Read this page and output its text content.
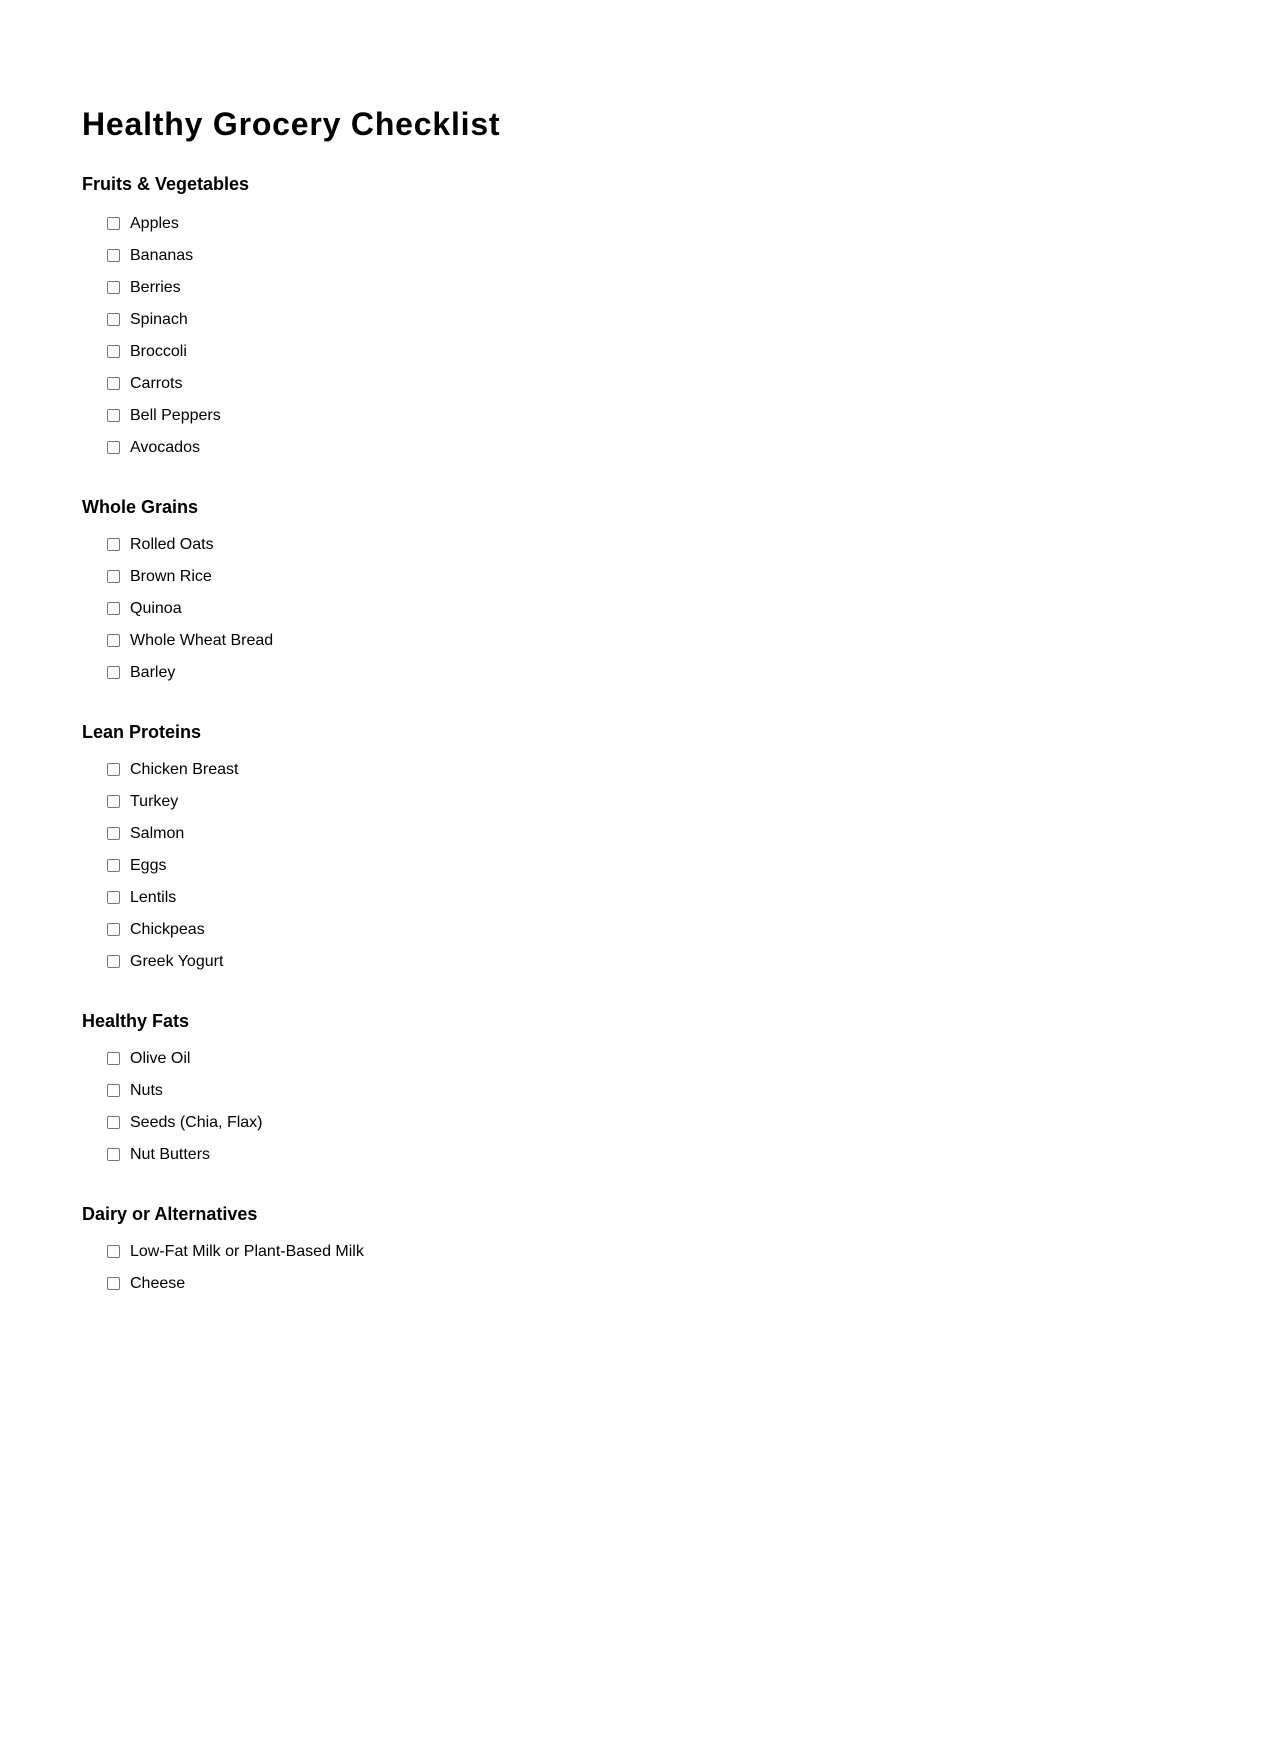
Healthy Grocery Checklist
Fruits & Vegetables
Apples
Bananas
Berries
Spinach
Broccoli
Carrots
Bell Peppers
Avocados
Whole Grains
Rolled Oats
Brown Rice
Quinoa
Whole Wheat Bread
Barley
Lean Proteins
Chicken Breast
Turkey
Salmon
Eggs
Lentils
Chickpeas
Greek Yogurt
Healthy Fats
Olive Oil
Nuts
Seeds (Chia, Flax)
Nut Butters
Dairy or Alternatives
Low-Fat Milk or Plant-Based Milk
Cheese
